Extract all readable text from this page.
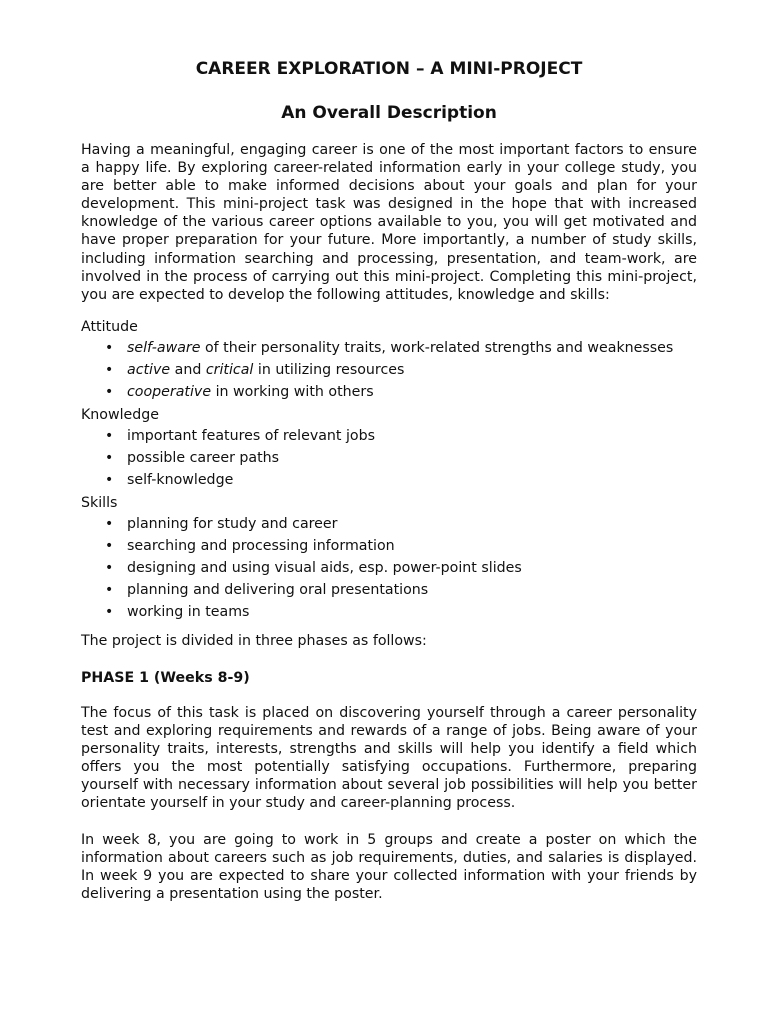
CAREER EXPLORATION – A MINI-PROJECT
An Overall Description

Having a meaningful, engaging career is one of the most important factors to ensure a happy life. By exploring career-related information early in your college study, you are better able to make informed decisions about your goals and plan for your development. This mini-project task was designed in the hope that with increased knowledge of the various career options available to you, you will get motivated and have proper preparation for your future. More importantly, a number of study skills, including information searching and processing, presentation, and team-work, are involved in the process of carrying out this mini-project. Completing this mini-project, you are expected to develop the following attitudes, knowledge and skills:

Attitude

• self-aware of their personality traits, work-related strengths and weaknesses
• active and critical in utilizing resources
• cooperative in working with others

Knowledge

• important features of relevant jobs
• possible career paths
• self-knowledge

Skills

• planning for study and career
• searching and processing information
• designing and using visual aids, esp. power-point slides
• planning and delivering oral presentations
• working in teams

The project is divided in three phases as follows:

PHASE 1 (Weeks 8-9)

The focus of this task is placed on discovering yourself through a career personality test and exploring requirements and rewards of a range of jobs. Being aware of your personality traits, interests, strengths and skills will help you identify a field which offers you the most potentially satisfying occupations. Furthermore, preparing yourself with necessary information about several job possibilities will help you better orientate yourself in your study and career-planning process.

In week 8, you are going to work in 5 groups and create a poster on which the information about careers such as job requirements, duties, and salaries is displayed. In week 9 you are expected to share your collected information with your friends by delivering a presentation using the poster.
